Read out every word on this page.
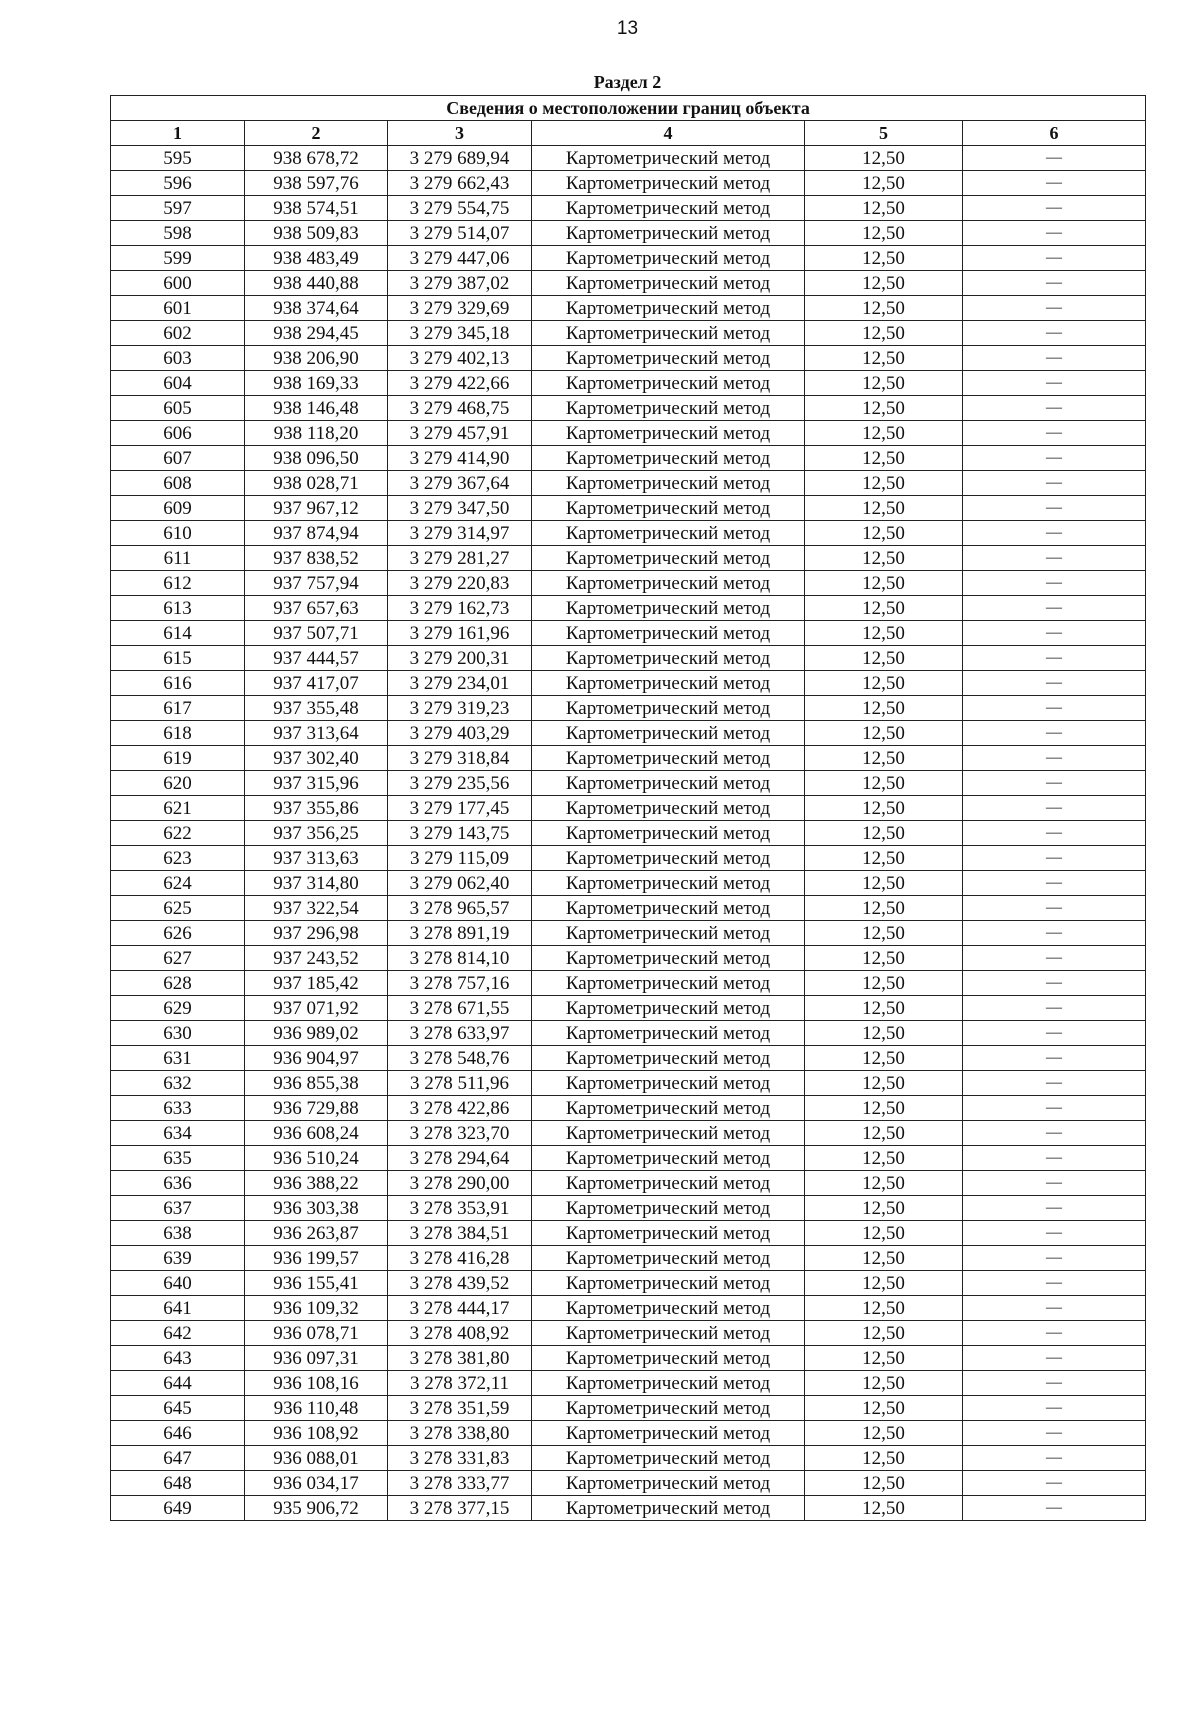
13
Раздел 2
Сведения о местоположении границ объекта					
1	2	3	4	5	6
595	938 678,72	3 279 689,94	Картометрический метод	12,50	—
596	938 597,76	3 279 662,43	Картометрический метод	12,50	—
597	938 574,51	3 279 554,75	Картометрический метод	12,50	—
598	938 509,83	3 279 514,07	Картометрический метод	12,50	—
599	938 483,49	3 279 447,06	Картометрический метод	12,50	—
600	938 440,88	3 279 387,02	Картометрический метод	12,50	—
601	938 374,64	3 279 329,69	Картометрический метод	12,50	—
602	938 294,45	3 279 345,18	Картометрический метод	12,50	—
603	938 206,90	3 279 402,13	Картометрический метод	12,50	—
604	938 169,33	3 279 422,66	Картометрический метод	12,50	—
605	938 146,48	3 279 468,75	Картометрический метод	12,50	—
606	938 118,20	3 279 457,91	Картометрический метод	12,50	—
607	938 096,50	3 279 414,90	Картометрический метод	12,50	—
608	938 028,71	3 279 367,64	Картометрический метод	12,50	—
609	937 967,12	3 279 347,50	Картометрический метод	12,50	—
610	937 874,94	3 279 314,97	Картометрический метод	12,50	—
611	937 838,52	3 279 281,27	Картометрический метод	12,50	—
612	937 757,94	3 279 220,83	Картометрический метод	12,50	—
613	937 657,63	3 279 162,73	Картометрический метод	12,50	—
614	937 507,71	3 279 161,96	Картометрический метод	12,50	—
615	937 444,57	3 279 200,31	Картометрический метод	12,50	—
616	937 417,07	3 279 234,01	Картометрический метод	12,50	—
617	937 355,48	3 279 319,23	Картометрический метод	12,50	—
618	937 313,64	3 279 403,29	Картометрический метод	12,50	—
619	937 302,40	3 279 318,84	Картометрический метод	12,50	—
620	937 315,96	3 279 235,56	Картометрический метод	12,50	—
621	937 355,86	3 279 177,45	Картометрический метод	12,50	—
622	937 356,25	3 279 143,75	Картометрический метод	12,50	—
623	937 313,63	3 279 115,09	Картометрический метод	12,50	—
624	937 314,80	3 279 062,40	Картометрический метод	12,50	—
625	937 322,54	3 278 965,57	Картометрический метод	12,50	—
626	937 296,98	3 278 891,19	Картометрический метод	12,50	—
627	937 243,52	3 278 814,10	Картометрический метод	12,50	—
628	937 185,42	3 278 757,16	Картометрический метод	12,50	—
629	937 071,92	3 278 671,55	Картометрический метод	12,50	—
630	936 989,02	3 278 633,97	Картометрический метод	12,50	—
631	936 904,97	3 278 548,76	Картометрический метод	12,50	—
632	936 855,38	3 278 511,96	Картометрический метод	12,50	—
633	936 729,88	3 278 422,86	Картометрический метод	12,50	—
634	936 608,24	3 278 323,70	Картометрический метод	12,50	—
635	936 510,24	3 278 294,64	Картометрический метод	12,50	—
636	936 388,22	3 278 290,00	Картометрический метод	12,50	—
637	936 303,38	3 278 353,91	Картометрический метод	12,50	—
638	936 263,87	3 278 384,51	Картометрический метод	12,50	—
639	936 199,57	3 278 416,28	Картометрический метод	12,50	—
640	936 155,41	3 278 439,52	Картометрический метод	12,50	—
641	936 109,32	3 278 444,17	Картометрический метод	12,50	—
642	936 078,71	3 278 408,92	Картометрический метод	12,50	—
643	936 097,31	3 278 381,80	Картометрический метод	12,50	—
644	936 108,16	3 278 372,11	Картометрический метод	12,50	—
645	936 110,48	3 278 351,59	Картометрический метод	12,50	—
646	936 108,92	3 278 338,80	Картометрический метод	12,50	—
647	936 088,01	3 278 331,83	Картометрический метод	12,50	—
648	936 034,17	3 278 333,77	Картометрический метод	12,50	—
649	935 906,72	3 278 377,15	Картометрический метод	12,50	—
